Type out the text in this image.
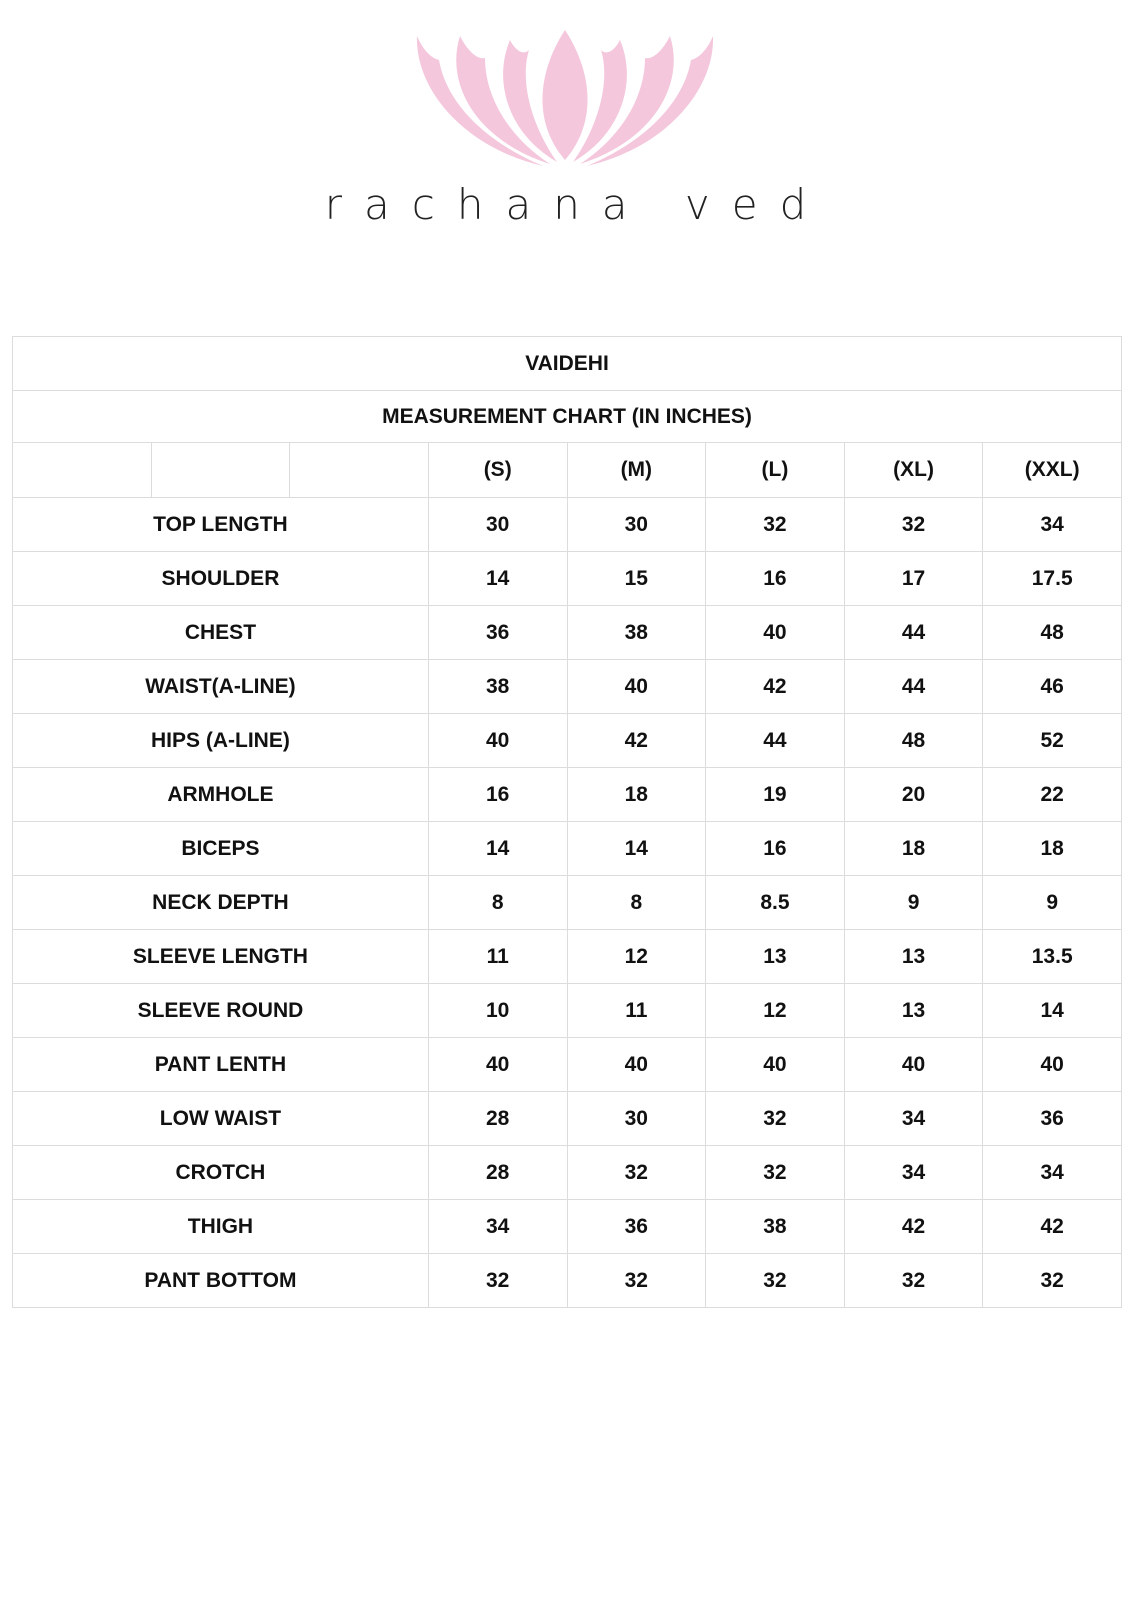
rachana ved
VAIDEHI							
MEASUREMENT CHART (IN INCHES)							
			(S)	(M)	(L)	(XL)	(XXL)
TOP LENGTH			30	30	32	32	34
SHOULDER			14	15	16	17	17.5
CHEST			36	38	40	44	48
WAIST(A-LINE)			38	40	42	44	46
HIPS (A-LINE)			40	42	44	48	52
ARMHOLE			16	18	19	20	22
BICEPS			14	14	16	18	18
NECK DEPTH			8	8	8.5	9	9
SLEEVE LENGTH			11	12	13	13	13.5
SLEEVE ROUND			10	11	12	13	14
PANT LENTH			40	40	40	40	40
LOW WAIST			28	30	32	34	36
CROTCH			28	32	32	34	34
THIGH			34	36	38	42	42
PANT BOTTOM			32	32	32	32	32
